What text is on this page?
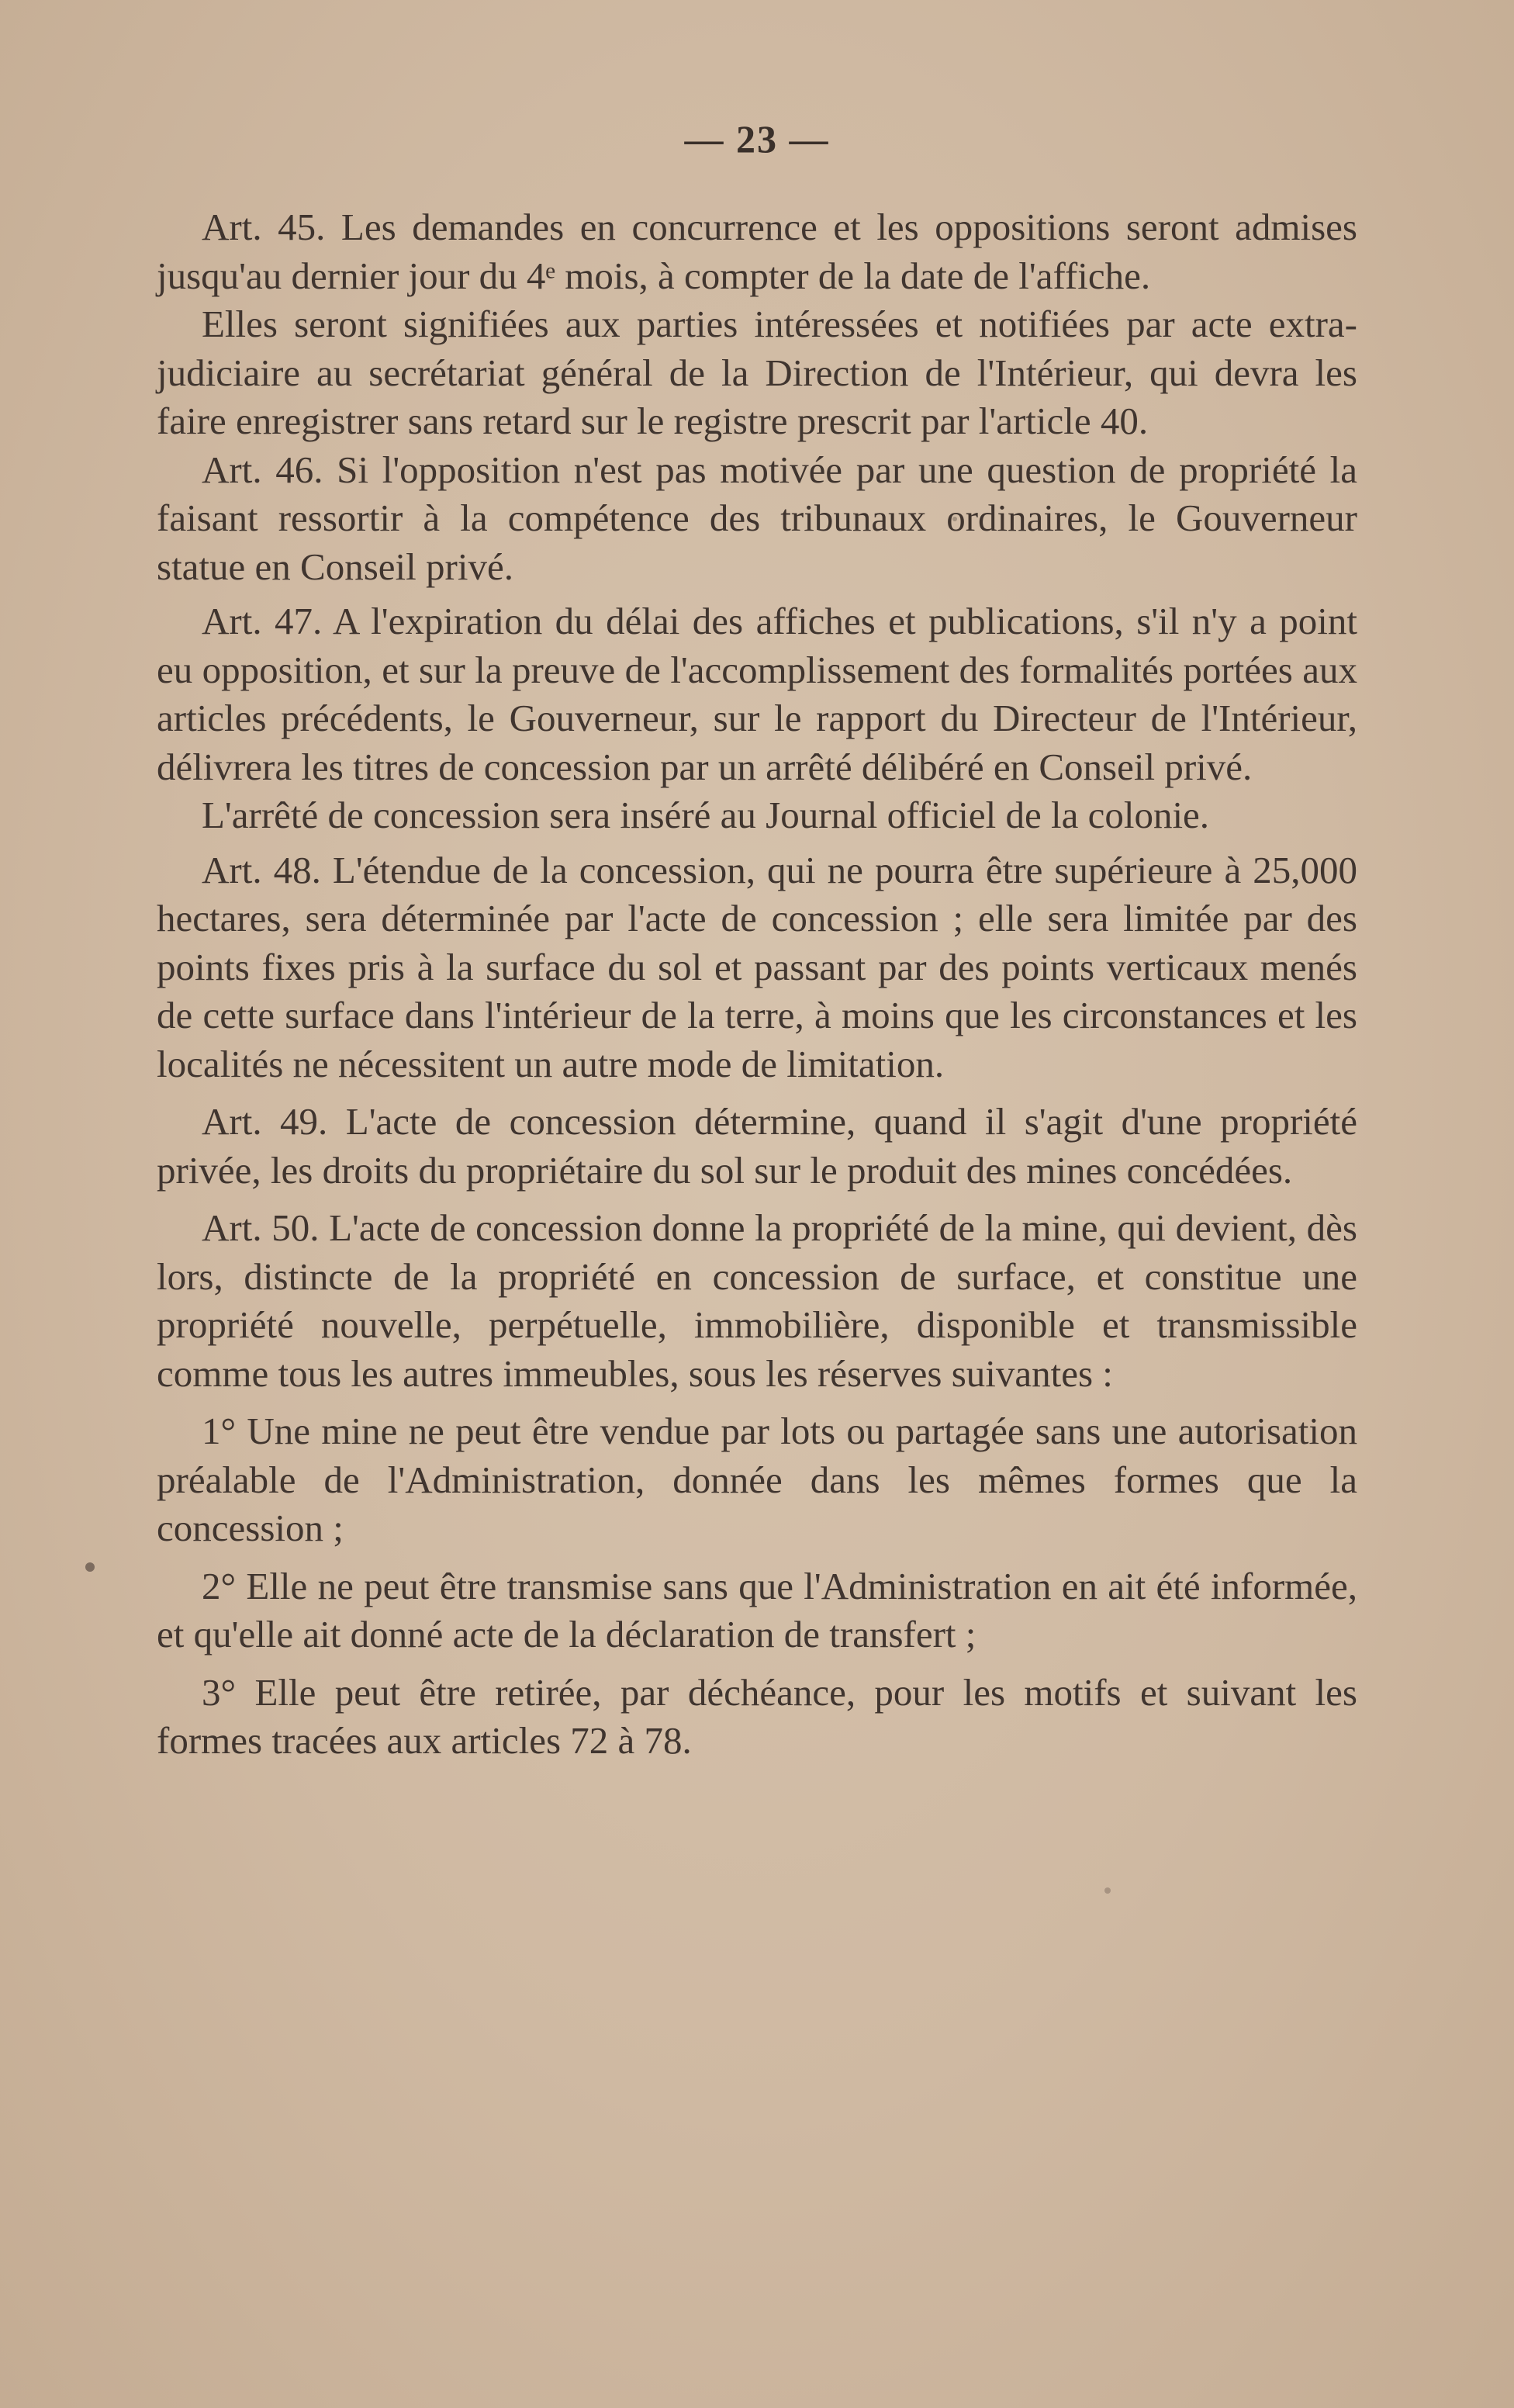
— 23 —

Art. 45. Les demandes en concurrence et les oppositions seront admises jusqu'au dernier jour du 4ᵉ mois, à compter de la date de l'affiche.

Elles seront signifiées aux parties intéressées et notifiées par acte extra-judiciaire au secrétariat général de la Direction de l'Intérieur, qui devra les faire enregistrer sans retard sur le registre prescrit par l'article 40.

Art. 46. Si l'opposition n'est pas motivée par une question de propriété la faisant ressortir à la compétence des tribunaux ordinaires, le Gouverneur statue en Conseil privé.

Art. 47. A l'expiration du délai des affiches et publications, s'il n'y a point eu opposition, et sur la preuve de l'accomplissement des formalités portées aux articles précédents, le Gouverneur, sur le rapport du Directeur de l'Intérieur, délivrera les titres de concession par un arrêté délibéré en Conseil privé.

L'arrêté de concession sera inséré au Journal officiel de la colonie.

Art. 48. L'étendue de la concession, qui ne pourra être supérieure à 25,000 hectares, sera déterminée par l'acte de concession ; elle sera limitée par des points fixes pris à la surface du sol et passant par des points verticaux menés de cette surface dans l'intérieur de la terre, à moins que les circonstances et les localités ne nécessitent un autre mode de limitation.

Art. 49. L'acte de concession détermine, quand il s'agit d'une propriété privée, les droits du propriétaire du sol sur le produit des mines concédées.

Art. 50. L'acte de concession donne la propriété de la mine, qui devient, dès lors, distincte de la propriété en concession de surface, et constitue une propriété nouvelle, perpétuelle, immobilière, disponible et transmissible comme tous les autres immeubles, sous les réserves suivantes :

1° Une mine ne peut être vendue par lots ou partagée sans une autorisation préalable de l'Administration, donnée dans les mêmes formes que la concession ;

2° Elle ne peut être transmise sans que l'Administration en ait été informée, et qu'elle ait donné acte de la déclaration de transfert ;

3° Elle peut être retirée, par déchéance, pour les motifs et suivant les formes tracées aux articles 72 à 78.
